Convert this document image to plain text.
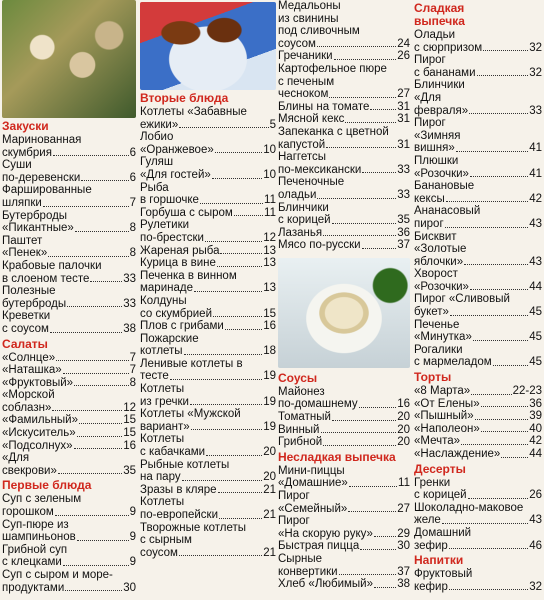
Закуски
Маринованная
скумбрия	6
Суши
по-деревенски	6
Фаршированные
шляпки	7
Бутерброды
«Пикантные»	8
Паштет
«Пенек»	8
Крабовые палочки
в слоеном тесте	33
Полезные
бутерброды	33
Креветки
с соусом	38
Салаты
«Солнце»	7
«Наташка»	7
«Фруктовый»	8
«Морской
соблазн»	12
«Фамильный»	15
«Искуситель»	15
«Подсолнух»	16
«Для
свекрови»	35
Первые блюда
Суп с зеленым
горошком	9
Суп-пюре из
шампиньонов	9
Грибной суп
с клецками	9
Суп с сыром и море-
продуктами	30
Вторые блюда
Котлеты «Забавные
ежики»	5
Лобио
«Оранжевое»	10
Гуляш
«Для гостей»	10
Рыба
в горшочке	11
Горбуша с сыром	11
Рулетики
по-брестски	12
Жареная рыба	13
Курица в вине	13
Печенка в винном
маринаде	13
Колдуны
со скумбрией	15
Плов с грибами	16
Пожарские
котлеты	18
Ленивые котлеты в
тесте	19
Котлеты
из гречки	19
Котлеты «Мужской
вариант»	19
Котлеты
с кабачками	20
Рыбные котлеты
на пару	20
Зразы в кляре	21
Котлеты
по-европейски	21
Творожные котлеты
с сырным
соусом	21
Медальоны
из свинины
под сливочным
соусом	24
Гречаники	26
Картофельное пюре
с печеным
чесноком	27
Блины на томате 31
Мясной кекс	31
Запеканка с цветной
капустой	31
Наггетсы
по-мексикански	33
Печеночные
оладьи	33
Блинчики
с корицей	35
Лазанья	36
Мясо по-русски	37
Соусы
Майонез
по-домашнему	16
Томатный	20
Винный	20
Грибной	20
Несладкая выпечка
Мини-пиццы
«Домашние»	11
Пирог
«Семейный»	27
Пирог
«На скорую руку» 29
Быстрая пицца	30
Сырные
конвертики	37
Хлеб «Любимый» 38
Сладкая
выпечка
Оладьи
с сюрпризом	32
Пирог
с бананами	32
Блинчики
«Для
февраля»	33
Пирог
«Зимняя
вишня»	41
Плюшки
«Розочки»	41
Банановые
кексы	42
Ананасовый
пирог	43
Бисквит
«Золотые
яблочки»	43
Хворост
«Розочки»	44
Пирог «Сливовый
букет»	45
Печенье
«Минутка»	45
Рогалики
с мармеладом	45
Торты
«8 Марта»	22-23
«От Елены»	36
«Пышный»	39
«Наполеон»	40
«Мечта»	42
«Наслаждение»	44
Десерты
Гренки
с корицей	26
Шоколадно-маковое
желе	43
Домашний
зефир	46
Напитки
Фруктовый
кефир	32
